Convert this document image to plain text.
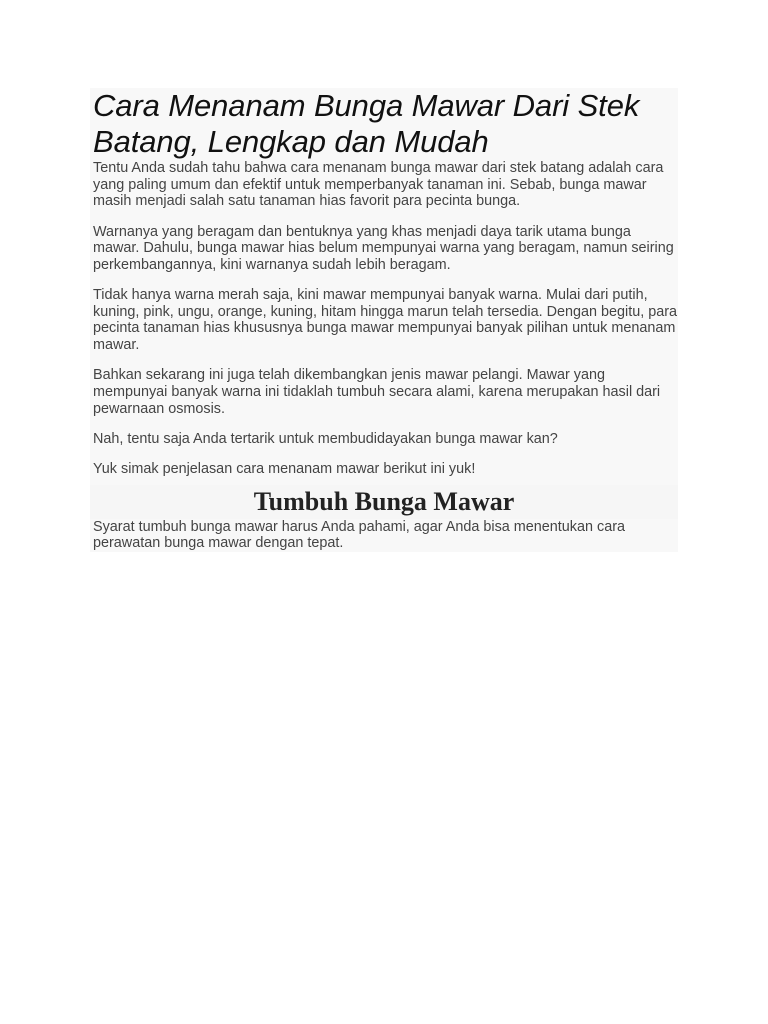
Cara Menanam Bunga Mawar Dari Stek Batang, Lengkap dan Mudah

Tentu Anda sudah tahu bahwa cara menanam bunga mawar dari stek batang adalah cara yang paling umum dan efektif untuk memperbanyak tanaman ini. Sebab, bunga mawar masih menjadi salah satu tanaman hias favorit para pecinta bunga.

Warnanya yang beragam dan bentuknya yang khas menjadi daya tarik utama bunga mawar. Dahulu, bunga mawar hias belum mempunyai warna yang beragam, namun seiring perkembangannya, kini warnanya sudah lebih beragam.

Tidak hanya warna merah saja, kini mawar mempunyai banyak warna. Mulai dari putih, kuning, pink, ungu, orange, kuning, hitam hingga marun telah tersedia. Dengan begitu, para pecinta tanaman hias khususnya bunga mawar mempunyai banyak pilihan untuk menanam mawar.

Bahkan sekarang ini juga telah dikembangkan jenis mawar pelangi. Mawar yang mempunyai banyak warna ini tidaklah tumbuh secara alami, karena merupakan hasil dari pewarnaan osmosis.

Nah, tentu saja Anda tertarik untuk membudidayakan bunga mawar kan?

Yuk simak penjelasan cara menanam mawar berikut ini yuk!

Tumbuh Bunga Mawar

Syarat tumbuh bunga mawar harus Anda pahami, agar Anda bisa menentukan cara perawatan bunga mawar dengan tepat.
